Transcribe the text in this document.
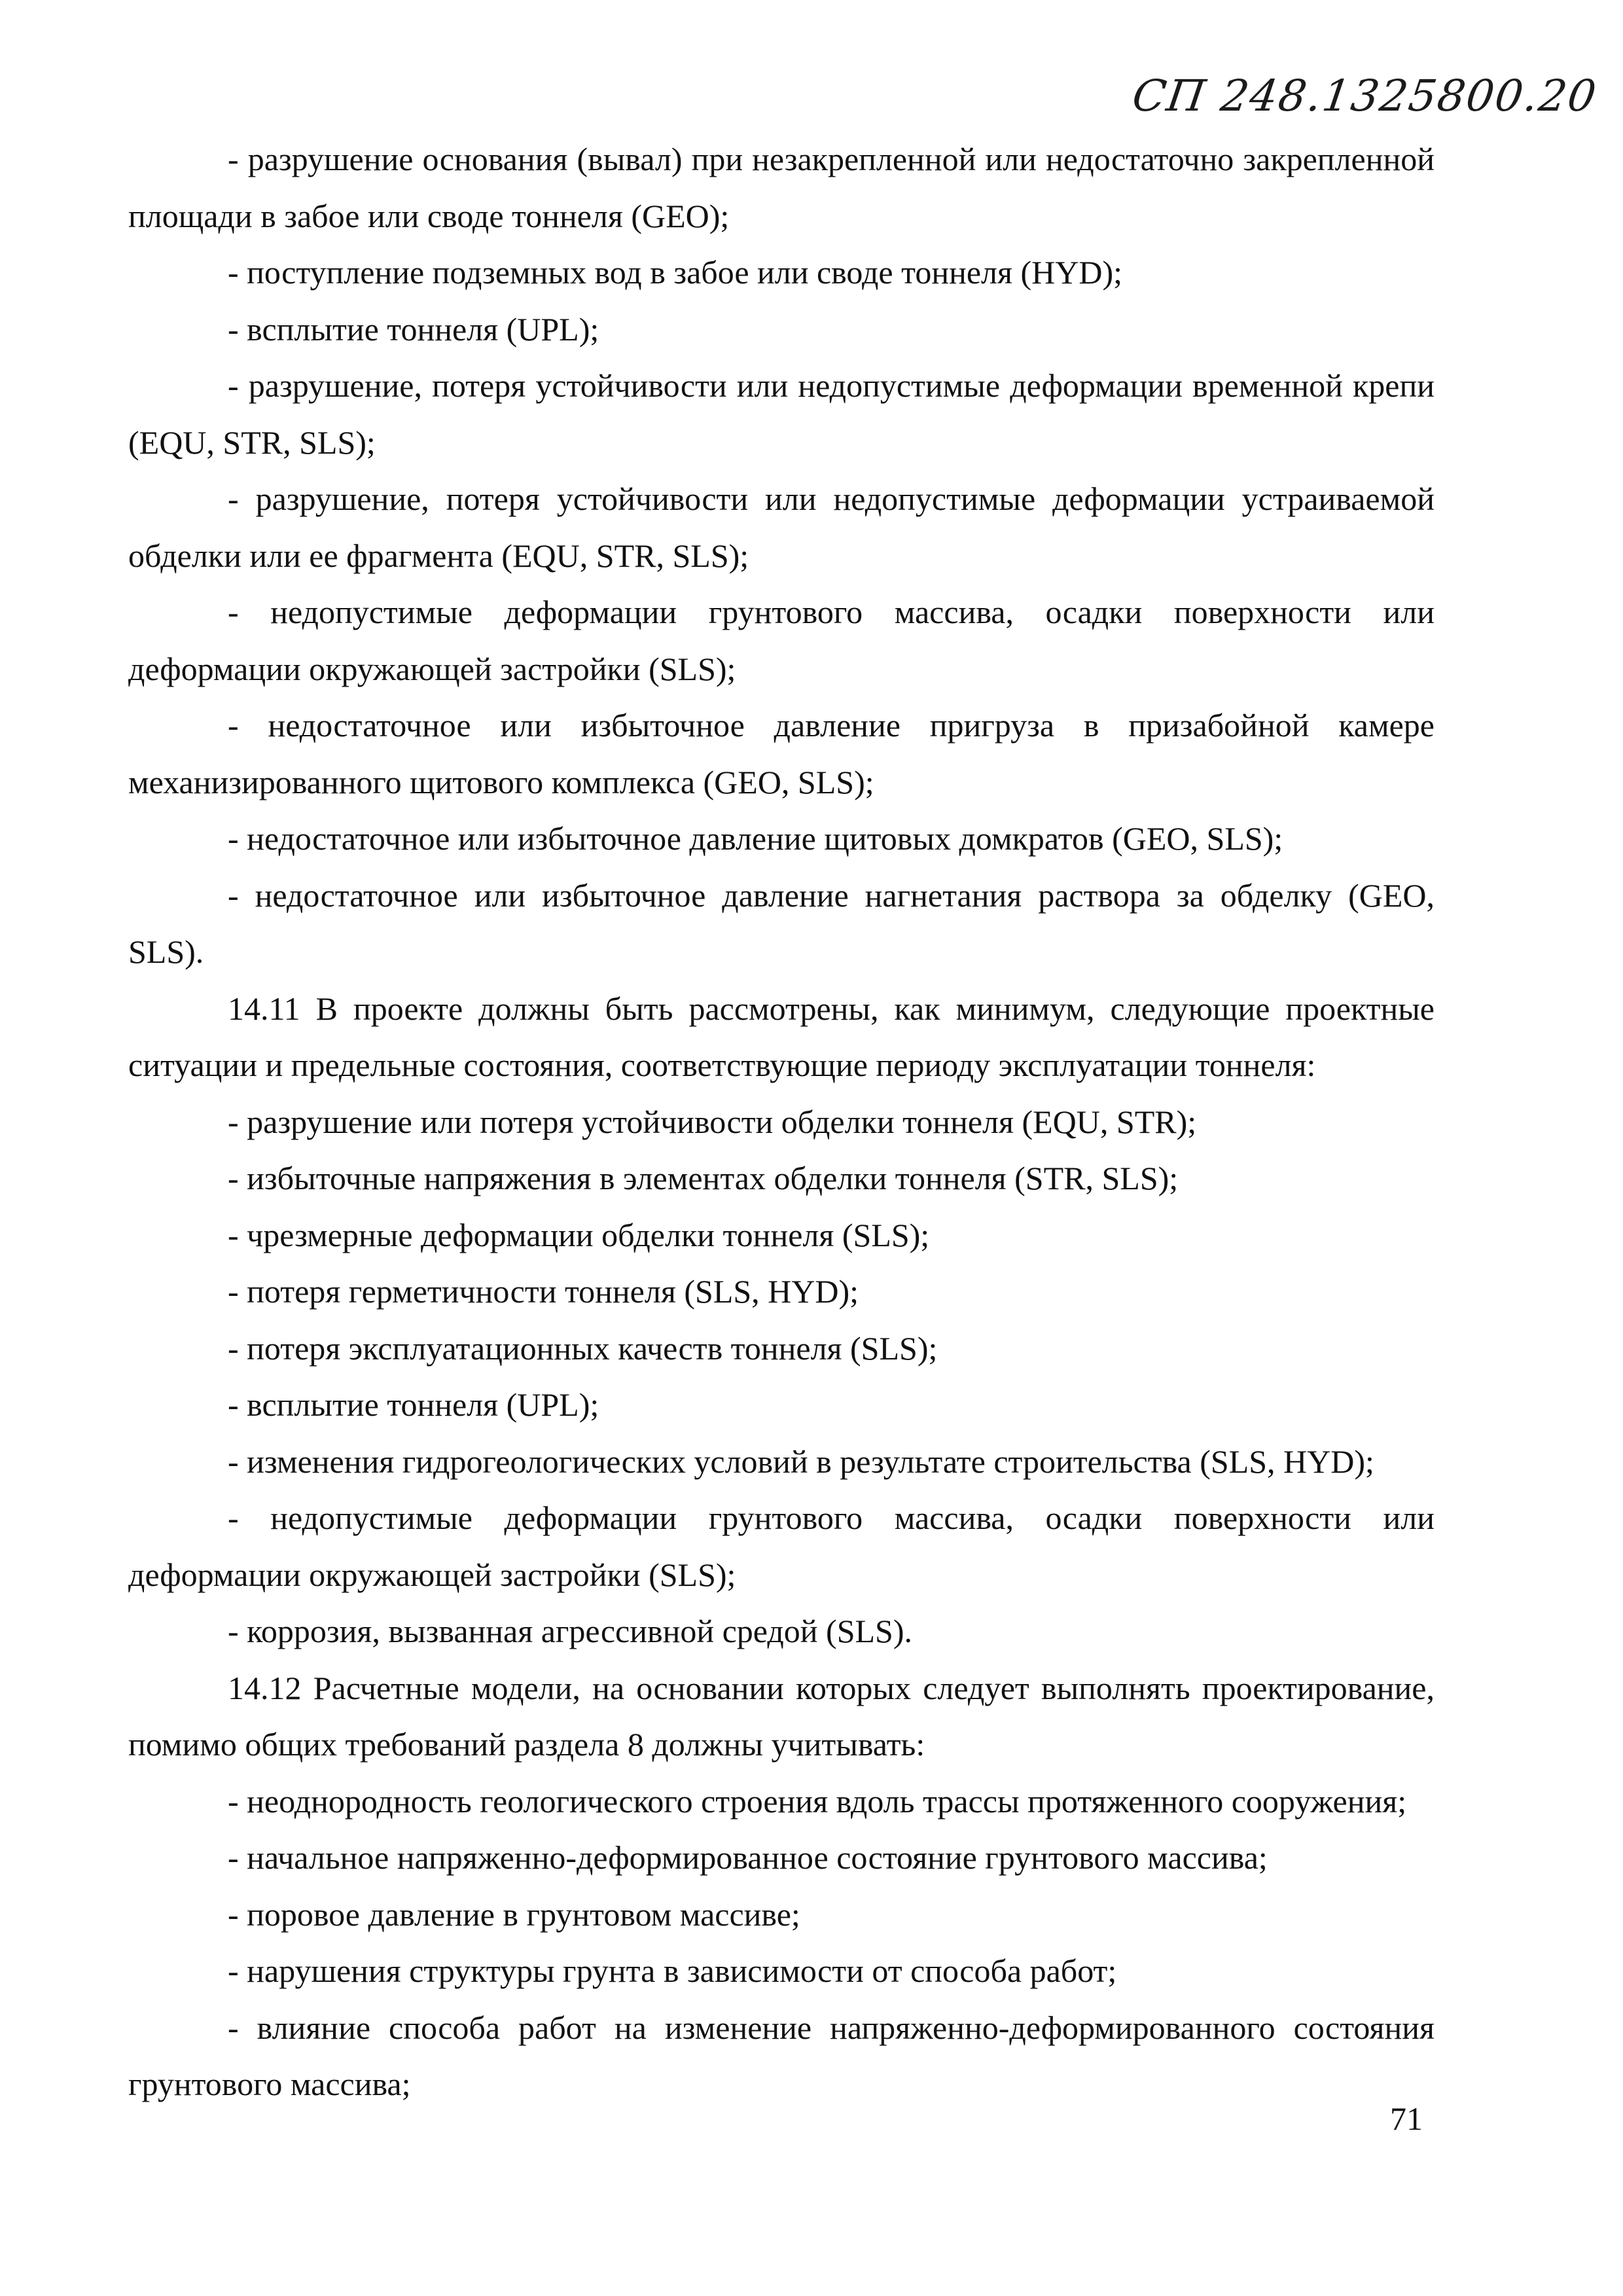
СП 248.1325800.20

- разрушение основания (вывал) при незакрепленной или недостаточно закрепленной площади в забое или своде тоннеля (GEO);

- поступление подземных вод в забое или своде тоннеля (HYD);

- всплытие тоннеля (UPL);

- разрушение, потеря устойчивости или недопустимые деформации временной крепи (EQU, STR, SLS);

- разрушение, потеря устойчивости или недопустимые деформации устраиваемой обделки или ее фрагмента (EQU, STR, SLS);

- недопустимые деформации грунтового массива, осадки поверхности или деформации окружающей застройки (SLS);

- недостаточное или избыточное давление пригруза в призабойной камере механизированного щитового комплекса (GEO, SLS);

- недостаточное или избыточное давление щитовых домкратов (GEO, SLS);

- недостаточное или избыточное давление нагнетания раствора за обделку (GEO, SLS).

14.11 В проекте должны быть рассмотрены, как минимум, следующие проектные ситуации и предельные состояния, соответствующие периоду эксплуатации тоннеля:

- разрушение или потеря устойчивости обделки тоннеля (EQU, STR);

- избыточные напряжения в элементах обделки тоннеля (STR, SLS);

- чрезмерные деформации обделки тоннеля (SLS);

- потеря герметичности тоннеля (SLS, HYD);

- потеря эксплуатационных качеств тоннеля (SLS);

- всплытие тоннеля (UPL);

- изменения гидрогеологических условий в результате строительства (SLS, HYD);

- недопустимые деформации грунтового массива, осадки поверхности или деформации окружающей застройки (SLS);

- коррозия, вызванная агрессивной средой (SLS).

14.12 Расчетные модели, на основании которых следует выполнять проектирование, помимо общих требований раздела 8 должны учитывать:

- неоднородность геологического строения вдоль трассы протяженного сооружения;

- начальное напряженно-деформированное состояние грунтового массива;

- поровое давление в грунтовом массиве;

- нарушения структуры грунта в зависимости от способа работ;

- влияние способа работ на изменение напряженно-деформированного состояния грунтового массива;

71
